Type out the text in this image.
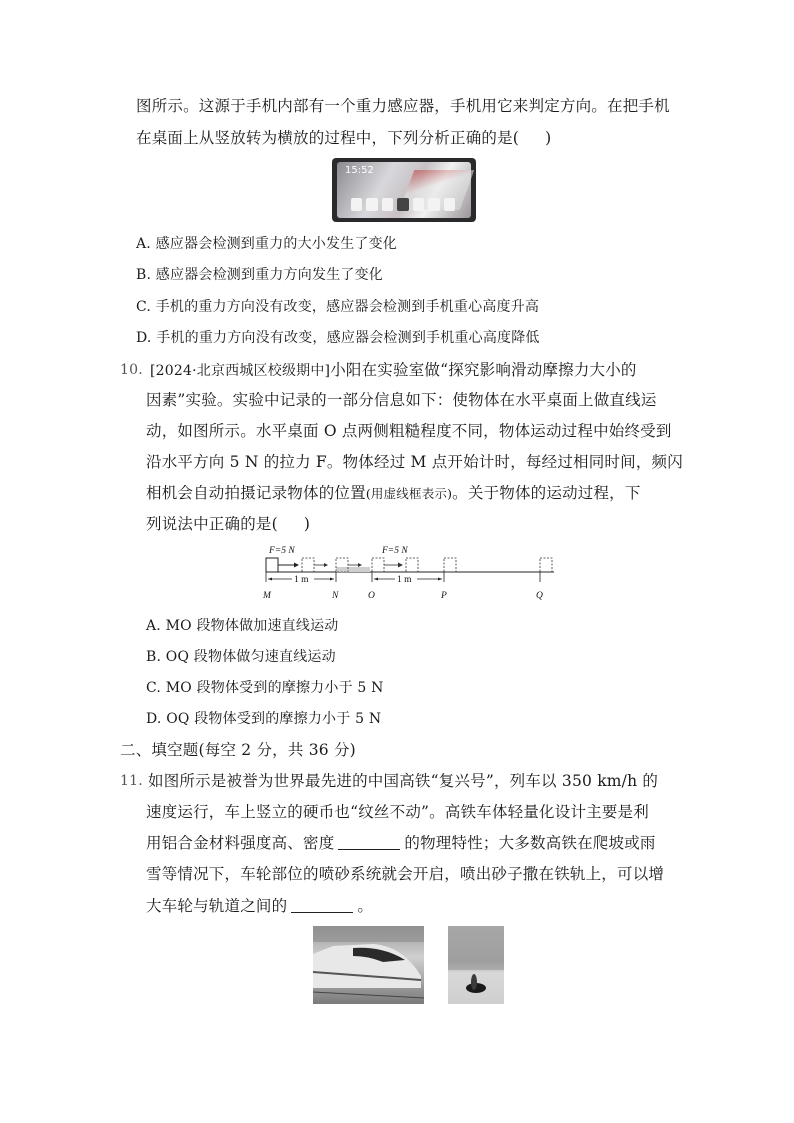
图所示。这源于手机内部有一个重力感应器，手机用它来判定方向。在把手机
在桌面上从竖放转为横放的过程中，下列分析正确的是( )
15:52
A. 感应器会检测到重力的大小发生了变化
B. 感应器会检测到重力方向发生了变化
C. 手机的重力方向没有改变，感应器会检测到手机重心高度升高
D. 手机的重力方向没有改变，感应器会检测到手机重心高度降低
10. [2024·北京西城区校级期中]小阳在实验室做“探究影响滑动摩擦力大小的
因素”实验。实验中记录的一部分信息如下：使物体在水平桌面上做直线运
动，如图所示。水平桌面 O 点两侧粗糙程度不同，物体运动过程中始终受到
沿水平方向 5 N 的拉力 F。物体经过 M 点开始计时，每经过相同时间，频闪
相机会自动拍摄记录物体的位置(用虚线框表示)。关于物体的运动过程，下
列说法中正确的是( )
F=5 N	F=5 N
1 m	1 m
M	N	O	P	Q
A. MO 段物体做加速直线运动
B. OQ 段物体做匀速直线运动
C. MO 段物体受到的摩擦力小于 5 N
D. OQ 段物体受到的摩擦力小于 5 N
二、填空题(每空 2 分，共 36 分)
11. 如图所示是被誉为世界最先进的中国高铁“复兴号”，列车以 350 km/h 的
速度运行，车上竖立的硬币也“纹丝不动”。高铁车体轻量化设计主要是利
用铝合金材料强度高、密度	的物理特性；大多数高铁在爬坡或雨
雪等情况下，车轮部位的喷砂系统就会开启，喷出砂子撒在铁轨上，可以增
大车轮与轨道之间的	。
